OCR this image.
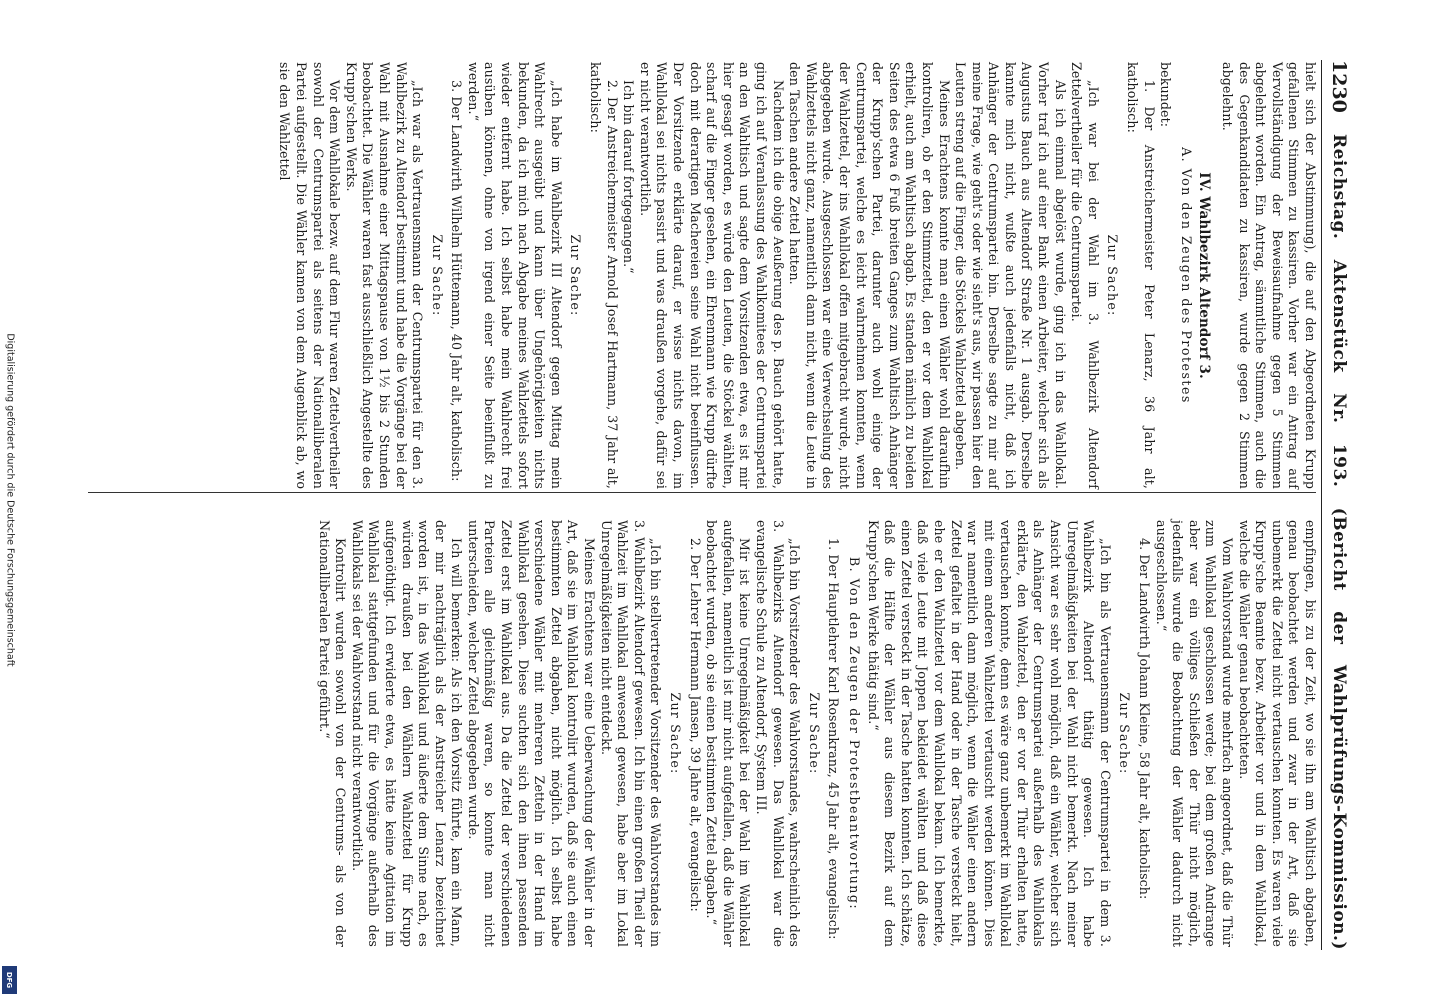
Digitalisierung gefördert durch die Deutsche Forschungsgemeinschaft
DFG
1230
Reichstag. Aktenstück Nr. 193. (Bericht der Wahlprüfungs-Kommission.)

hielt sich der Abstimmung), die auf den Abgeordneten Krupp gefallenen Stimmen zu kassiren. Vorher war ein Antrag auf Vervollständigung der Beweisaufnahme gegen 5 Stimmen abgelehnt worden. Ein Antrag, sämmtliche Stimmen, auch die des Gegenkandidaten zu kassiren, wurde gegen 2 Stimmen abgelehnt.

IV. Wahlbezirk Altendorf 3.

A. Von den Zeugen des Protestes

bekundet:

1. Der Anstreichermeister Peter Lenarz, 36 Jahr alt, katholisch:

Zur Sache:

„Ich war bei der Wahl im 3. Wahlbezirk Altendorf Zettelvertheiler für die Centrumspartei.

Als ich einmal abgelöst wurde, ging ich in das Wahllokal. Vorher traf ich auf einer Bank einen Arbeiter, welcher sich als Augustus Bauch aus Altendorf Straße Nr. 1 ausgab. Derselbe kannte mich nicht, wußte auch jedenfalls nicht, daß ich Anhänger der Centrumspartei bin. Derselbe sagte zu mir auf meine Frage, wie geht's oder wie sieht's aus, wir passen hier den Leuten streng auf die Finger, die Stöckels Wahlzettel abgeben.

Meines Erachtens konnte man einen Wähler wohl daraufhin kontroliren, ob er den Stimmzettel, den er vor dem Wahllokal erhielt, auch am Wahltisch abgab. Es standen nämlich zu beiden Seiten des etwa 6 Fuß breiten Ganges zum Wahltisch Anhänger der Krupp'schen Partei, darunter auch wohl einige der Centrumspartei, welche es leicht wahrnehmen konnten, wenn der Wahlzettel, der ins Wahllokal offen mitgebracht wurde, nicht abgegeben wurde. Ausgeschlossen war eine Verwechselung des Wahlzettels nicht ganz, namentlich dann nicht, wenn die Leute in den Taschen andere Zettel hatten.

Nachdem ich die obige Aeußerung des p. Bauch gehört hatte, ging ich auf Veranlassung des Wahlkomitees der Centrumspartei an den Wahltisch und sagte dem Vorsitzenden etwa, es ist mir hier gesagt worden, es würde den Leuten, die Stöckel wählten, scharf auf die Finger gesehen, ein Ehrenmann wie Krupp dürfte doch mit derartigen Machereien seine Wahl nicht beeinflussen. Der Vorsitzende erklärte darauf, er wisse nichts davon, im Wahllokal sei nichts passirt und was draußen vorgehe, dafür sei er nicht verantwortlich.

Ich bin darauf fortgegangen.“

2. Der Anstreichermeister Arnold Josef Hartmann, 37 Jahr alt, katholisch:

Zur Sache:

„Ich habe im Wahlbezirk III Altendorf gegen Mittag mein Wahlrecht ausgeübt und kann über Ungehörigkeiten nichts bekunden, da ich mich nach Abgabe meines Wahlzettels sofort wieder entfernt habe. Ich selbst habe mein Wahlrecht frei ausüben können, ohne von irgend einer Seite beeinflußt zu werden.“

3. Der Landwirth Wilhelm Hüttemann, 40 Jahr alt, katholisch:

Zur Sache:

„Ich war als Vertrauensmann der Centrumspartei für den 3. Wahlbezirk zu Altendorf bestimmt und habe die Vorgänge bei der Wahl mit Ausnahme einer Mittagspause von 1½ bis 2 Stunden beobachtet. Die Wähler waren fast ausschließlich Angestellte des Krupp'schen Werks.

Vor dem Wahllokale bezw. auf dem Flur waren Zettelvertheiler sowohl der Centrumspartei als seitens der Nationalliberalen Partei aufgestellt. Die Wähler kamen von dem Augenblick ab, wo sie den Wahlzettel

empfingen, bis zu der Zeit, wo sie ihn am Wahltisch abgaben, genau beobachtet werden und zwar in der Art, daß sie unbemerkt die Zettel nicht vertauschen konnten. Es waren viele Krupp'sche Beamte bezw. Arbeiter vor und in dem Wahllokal, welche die Wähler genau beobachteten.

Vom Wahlvorstand wurde mehrfach angeordnet, daß die Thür zum Wahllokal geschlossen werde; bei dem großen Andrange aber war ein völliges Schließen der Thür nicht möglich, jedenfalls wurde die Beobachtung der Wähler dadurch nicht ausgeschlossen.“

4. Der Landwirth Johann Kleine, 58 Jahr alt, katholisch:

Zur Sache:

„Ich bin als Vertrauensmann der Centrumspartei in dem 3. Wahlbezirk Altendorf thätig gewesen. Ich habe Unregelmäßigkeiten bei der Wahl nicht bemerkt. Nach meiner Ansicht war es sehr wohl möglich, daß ein Wähler, welcher sich als Anhänger der Centrumspartei außerhalb des Wahllokals erklärte, den Wahlzettel, den er vor der Thür erhalten hatte, vertauschen konnte, denn es wäre ganz unbemerkt im Wahllokal mit einem anderen Wahlzettel vertauscht werden können. Dies war namentlich dann möglich, wenn die Wähler einen andern Zettel gefaltet in der Hand oder in der Tasche versteckt hielt, ehe er den Wahlzettel vor dem Wahllokal bekam. Ich bemerkte, daß viele Leute mit Joppen bekleidet wählten und daß diese einen Zettel versteckt in der Tasche hatten konnten. Ich schätze, daß die Hälfte der Wähler aus diesem Bezirk auf dem Krupp'schen Werke thätig sind.“

B. Von den Zeugen der Protestbeantwortung:

1. Der Hauptlehrer Karl Rosenkranz, 45 Jahr alt, evangelisch:

Zur Sache:

„Ich bin Vorsitzender des Wahlvorstandes, wahrscheinlich des 3. Wahlbezirks Altendorf gewesen. Das Wahllokal war die evangelische Schule zu Altendorf, System III.

Mir ist keine Unregelmäßigkeit bei der Wahl im Wahllokal aufgefallen, namentlich ist mir nicht aufgefallen, daß die Wähler beobachtet wurden, ob sie einen bestimmten Zettel abgaben.“

2. Der Lehrer Hermann Jansen, 39 Jahre alt, evangelisch:

Zur Sache:

„Ich bin stellvertretender Vorsitzender des Wahlvorstandes im 3. Wahlbezirk Altendorf gewesen. Ich bin einen großen Theil der Wahlzeit im Wahllokal anwesend gewesen, habe aber im Lokal Unregelmäßigkeiten nicht entdeckt.

Meines Erachtens war eine Ueberwachung der Wähler in der Art, daß sie im Wahllokal kontrolirt wurden, daß sie auch einen bestimmten Zettel abgaben, nicht möglich. Ich selbst habe verschiedene Wähler mit mehreren Zetteln in der Hand im Wahllokal gesehen. Diese suchten sich den ihnen passenden Zettel erst im Wahllokal aus. Da die Zettel der verschiedenen Parteien alle gleichmäßig waren, so konnte man nicht unterscheiden, welcher Zettel abgegeben wurde.

Ich will bemerken: Als ich den Vorsitz führte, kam ein Mann, der mir nachträglich als der Anstreicher Lenarz bezeichnet worden ist, in das Wahllokal und äußerte dem Sinne nach, es würden draußen bei den Wählern Wahlzettel für Krupp aufgenöthigt. Ich erwiderte etwa, es hätte keine Agitation im Wahllokal stattgefunden und für die Vorgänge außerhalb des Wahllokals sei der Wahlvorstand nicht verantwortlich.

Kontrolirt wurden sowohl von der Centrums- als von der Nationalliberalen Partei geführt.“
